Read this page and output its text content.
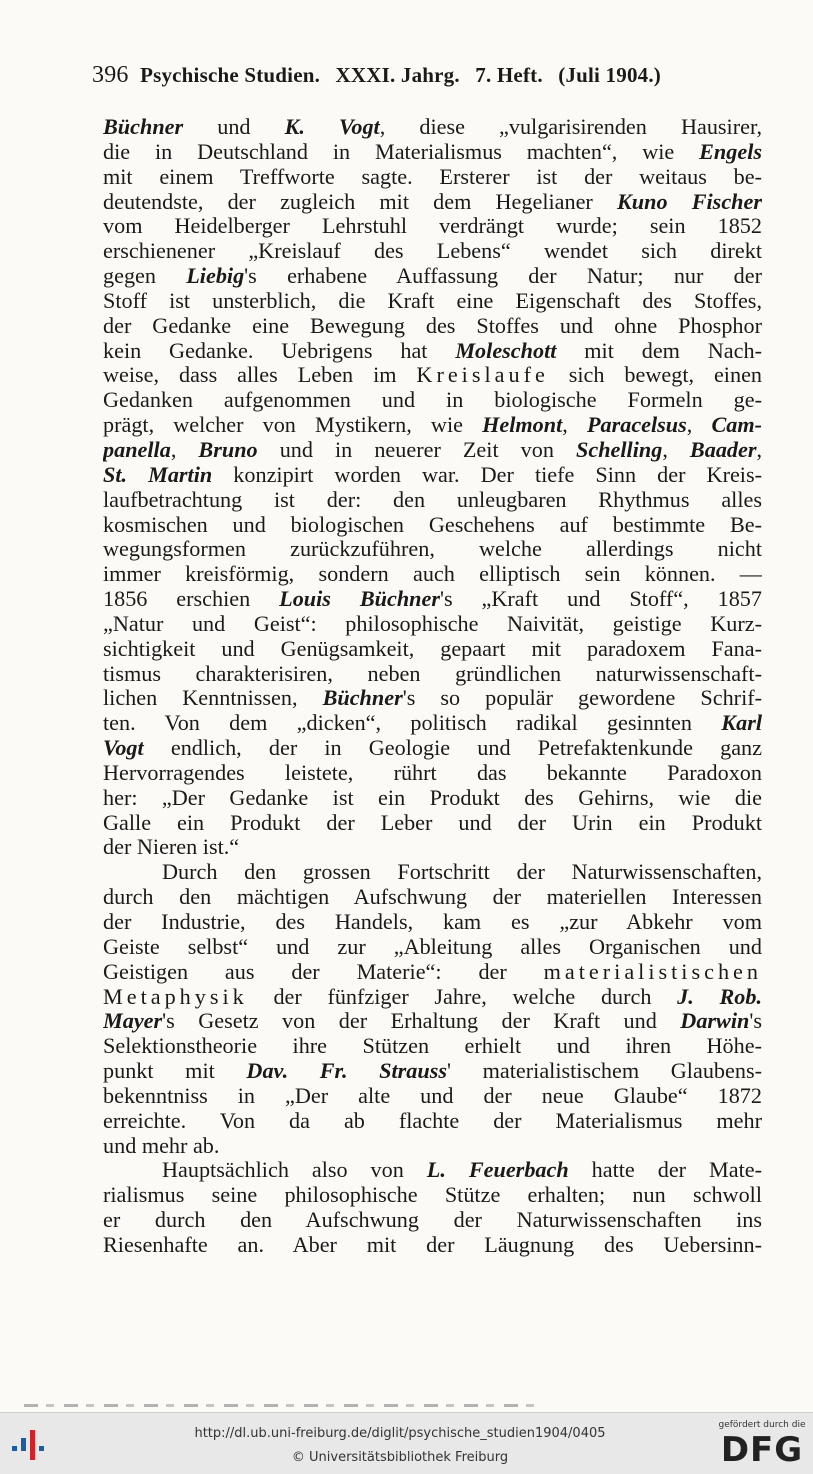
396 Psychische Studien. XXXI. Jahrg. 7. Heft. (Juli 1904.)
Büchner und K. Vogt, diese „vulgarisirenden Hausirer,
die in Deutschland in Materialismus machten“, wie Engels
mit einem Treffworte sagte. Ersterer ist der weitaus be-
deutendste, der zugleich mit dem Hegelianer Kuno Fischer
vom Heidelberger Lehrstuhl verdrängt wurde; sein 1852
erschienener „Kreislauf des Lebens“ wendet sich direkt
gegen Liebig's erhabene Auffassung der Natur; nur der
Stoff ist unsterblich, die Kraft eine Eigenschaft des Stoffes,
der Gedanke eine Bewegung des Stoffes und ohne Phosphor
kein Gedanke. Uebrigens hat Moleschott mit dem Nach-
weise, dass alles Leben im Kreislaufe sich bewegt, einen
Gedanken aufgenommen und in biologische Formeln ge-
prägt, welcher von Mystikern, wie Helmont, Paracelsus, Cam-
panella, Bruno und in neuerer Zeit von Schelling, Baader,
St. Martin konzipirt worden war. Der tiefe Sinn der Kreis-
laufbetrachtung ist der: den unleugbaren Rhythmus alles
kosmischen und biologischen Geschehens auf bestimmte Be-
wegungsformen zurückzuführen, welche allerdings nicht
immer kreisförmig, sondern auch elliptisch sein können. —
1856 erschien Louis Büchner's „Kraft und Stoff“, 1857
„Natur und Geist“: philosophische Naivität, geistige Kurz-
sichtigkeit und Genügsamkeit, gepaart mit paradoxem Fana-
tismus charakterisiren, neben gründlichen naturwissenschaft-
lichen Kenntnissen, Büchner's so populär gewordene Schrif-
ten. Von dem „dicken“, politisch radikal gesinnten Karl
Vogt endlich, der in Geologie und Petrefaktenkunde ganz
Hervorragendes leistete, rührt das bekannte Paradoxon
her: „Der Gedanke ist ein Produkt des Gehirns, wie die
Galle ein Produkt der Leber und der Urin ein Produkt
der Nieren ist.“
Durch den grossen Fortschritt der Naturwissenschaften,
durch den mächtigen Aufschwung der materiellen Interessen
der Industrie, des Handels, kam es „zur Abkehr vom
Geiste selbst“ und zur „Ableitung alles Organischen und
Geistigen aus der Materie“: der materialistischen
Metaphysik der fünfziger Jahre, welche durch J. Rob.
Mayer's Gesetz von der Erhaltung der Kraft und Darwin's
Selektionstheorie ihre Stützen erhielt und ihren Höhe-
punkt mit Dav. Fr. Strauss' materialistischem Glaubens-
bekenntniss in „Der alte und der neue Glaube“ 1872
erreichte. Von da ab flachte der Materialismus mehr
und mehr ab.
Hauptsächlich also von L. Feuerbach hatte der Mate-
rialismus seine philosophische Stütze erhalten; nun schwoll
er durch den Aufschwung der Naturwissenschaften ins
Riesenhafte an. Aber mit der Läugnung des Uebersinn-
http://dl.ub.uni-freiburg.de/diglit/psychische_studien1904/0405
© Universitätsbibliothek Freiburg
gefördert durch die
DFG
